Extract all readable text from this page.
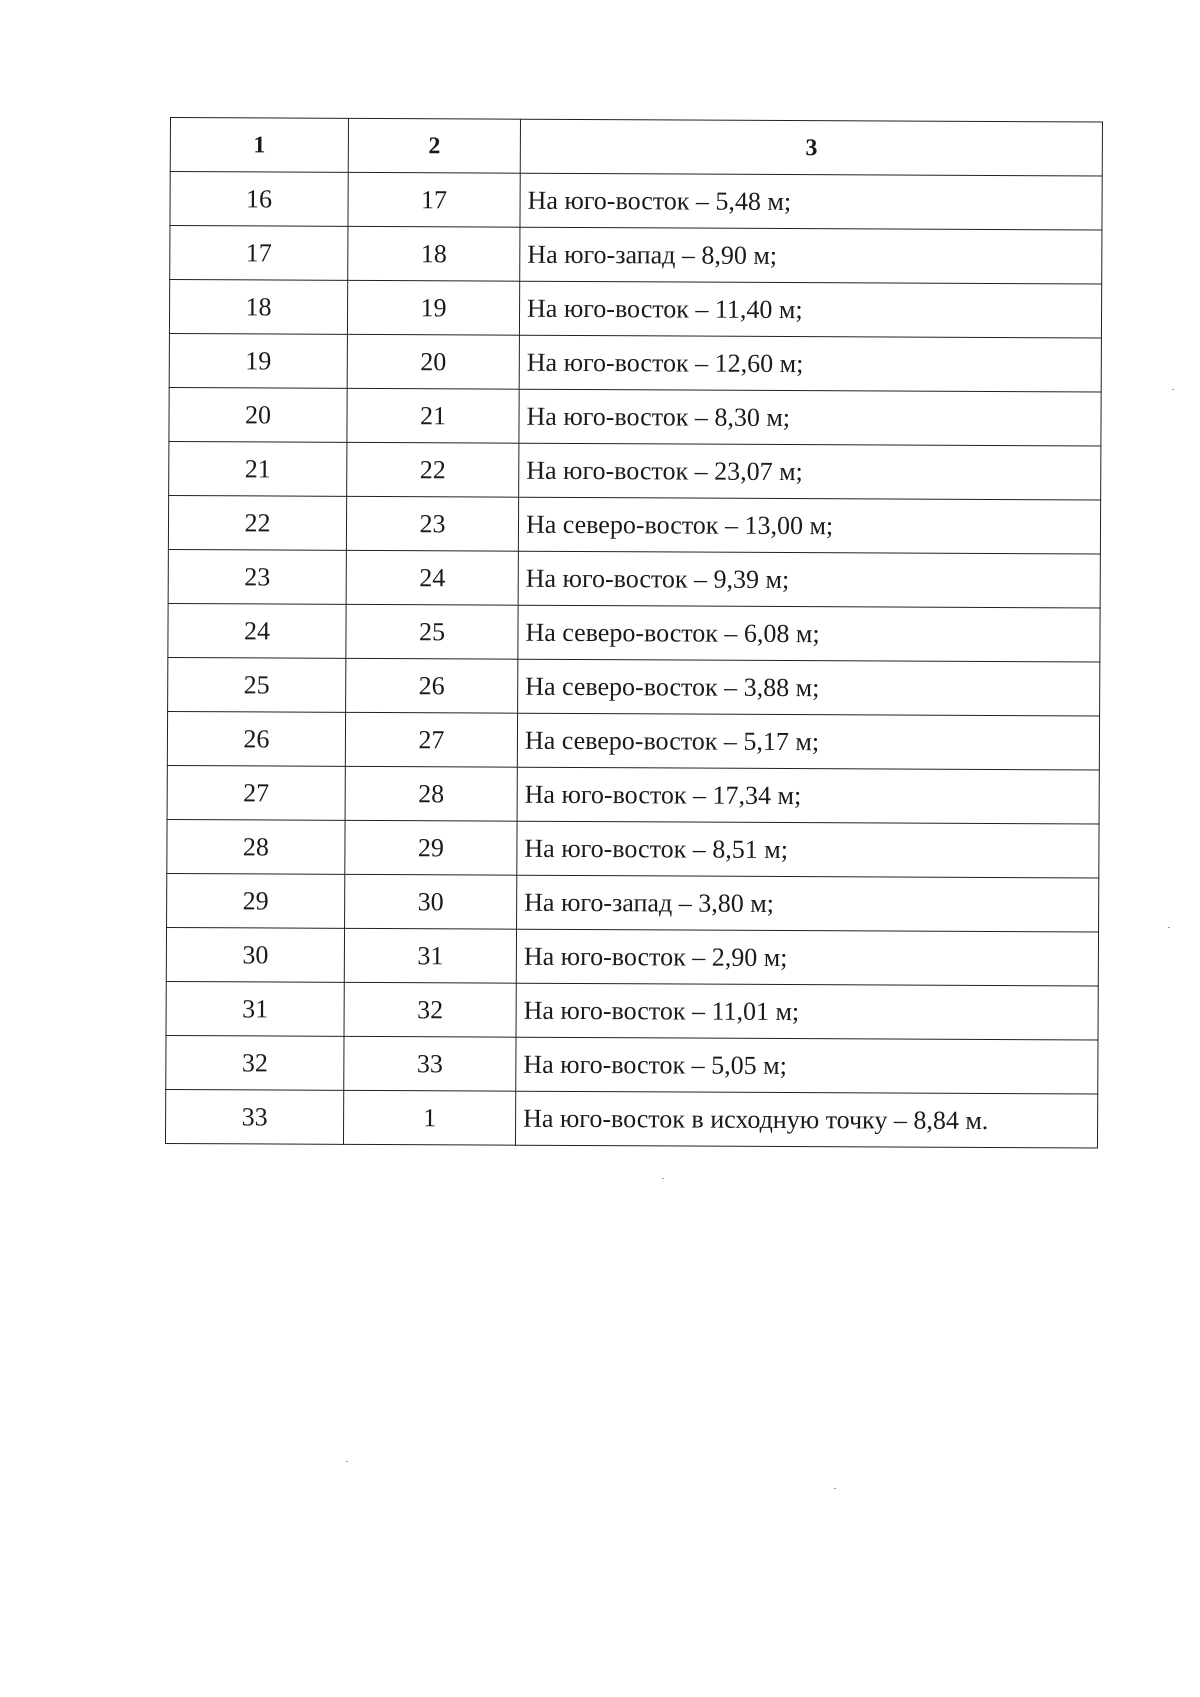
1	2	3
16	17	На юго-восток – 5,48 м;
17	18	На юго-запад – 8,90 м;
18	19	На юго-восток – 11,40 м;
19	20	На юго-восток – 12,60 м;
20	21	На юго-восток – 8,30 м;
21	22	На юго-восток – 23,07 м;
22	23	На северо-восток – 13,00 м;
23	24	На юго-восток – 9,39 м;
24	25	На северо-восток – 6,08 м;
25	26	На северо-восток – 3,88 м;
26	27	На северо-восток – 5,17 м;
27	28	На юго-восток – 17,34 м;
28	29	На юго-восток – 8,51 м;
29	30	На юго-запад – 3,80 м;
30	31	На юго-восток – 2,90 м;
31	32	На юго-восток – 11,01 м;
32	33	На юго-восток – 5,05 м;
33	1	На юго-восток в исходную точку – 8,84 м.
